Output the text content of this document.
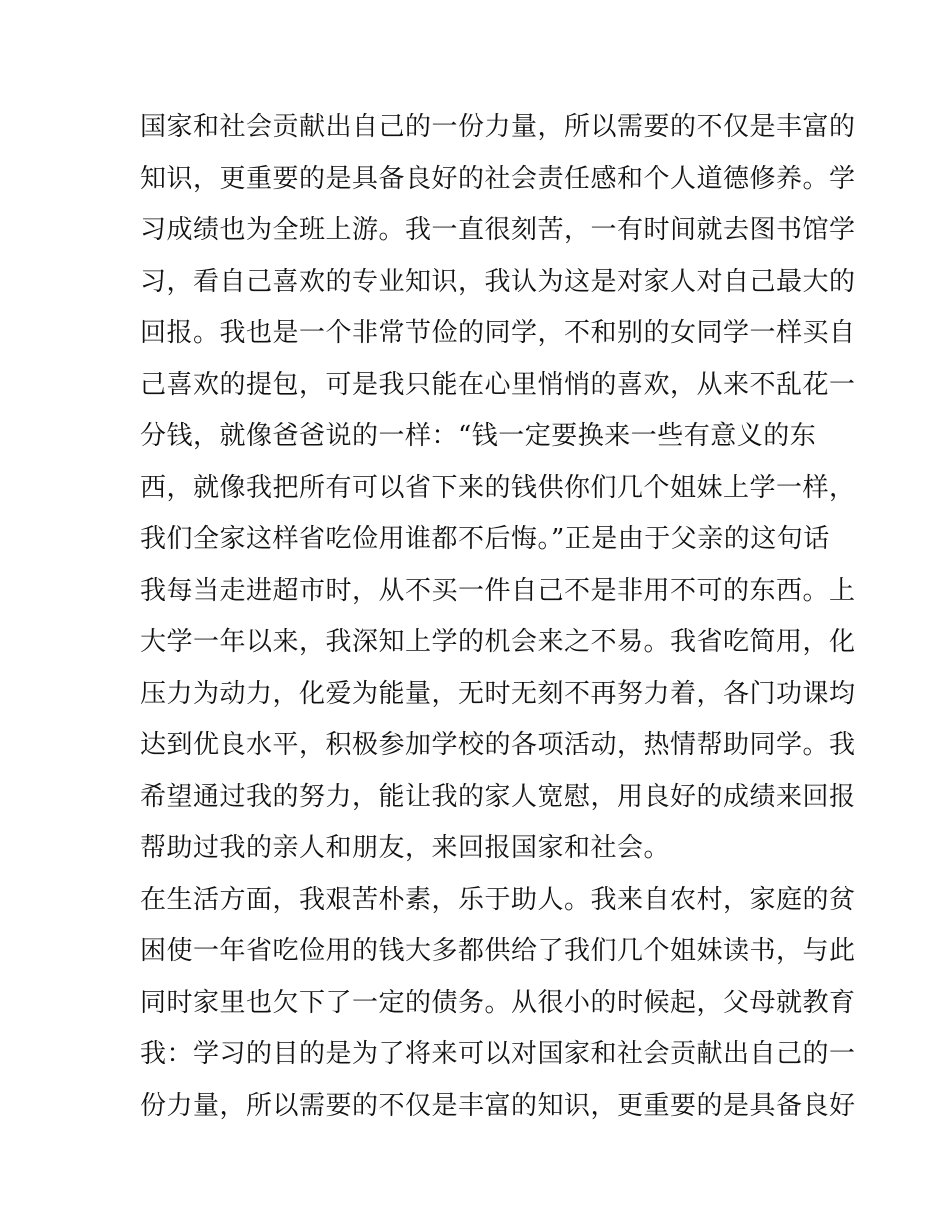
国家和社会贡献出自己的一份力量，所以需要的不仅是丰富的
知识，更重要的是具备良好的社会责任感和个人道德修养。学
习成绩也为全班上游。我一直很刻苦，一有时间就去图书馆学
习，看自己喜欢的专业知识，我认为这是对家人对自己最大的
回报。我也是一个非常节俭的同学，不和别的女同学一样买自
己喜欢的提包，可是我只能在心里悄悄的喜欢，从来不乱花一
分钱，就像爸爸说的一样：“钱一定要换来一些有意义的东
西，就像我把所有可以省下来的钱供你们几个姐妹上学一样，
我们全家这样省吃俭用谁都不后悔。”正是由于父亲的这句话
我每当走进超市时，从不买一件自己不是非用不可的东西。上
大学一年以来，我深知上学的机会来之不易。我省吃简用，化
压力为动力，化爱为能量，无时无刻不再努力着，各门功课均
达到优良水平，积极参加学校的各项活动，热情帮助同学。我
希望通过我的努力，能让我的家人宽慰，用良好的成绩来回报
帮助过我的亲人和朋友，来回报国家和社会。
在生活方面，我艰苦朴素，乐于助人。我来自农村，家庭的贫
困使一年省吃俭用的钱大多都供给了我们几个姐妹读书，与此
同时家里也欠下了一定的债务。从很小的时候起，父母就教育
我：学习的目的是为了将来可以对国家和社会贡献出自己的一
份力量，所以需要的不仅是丰富的知识，更重要的是具备良好
